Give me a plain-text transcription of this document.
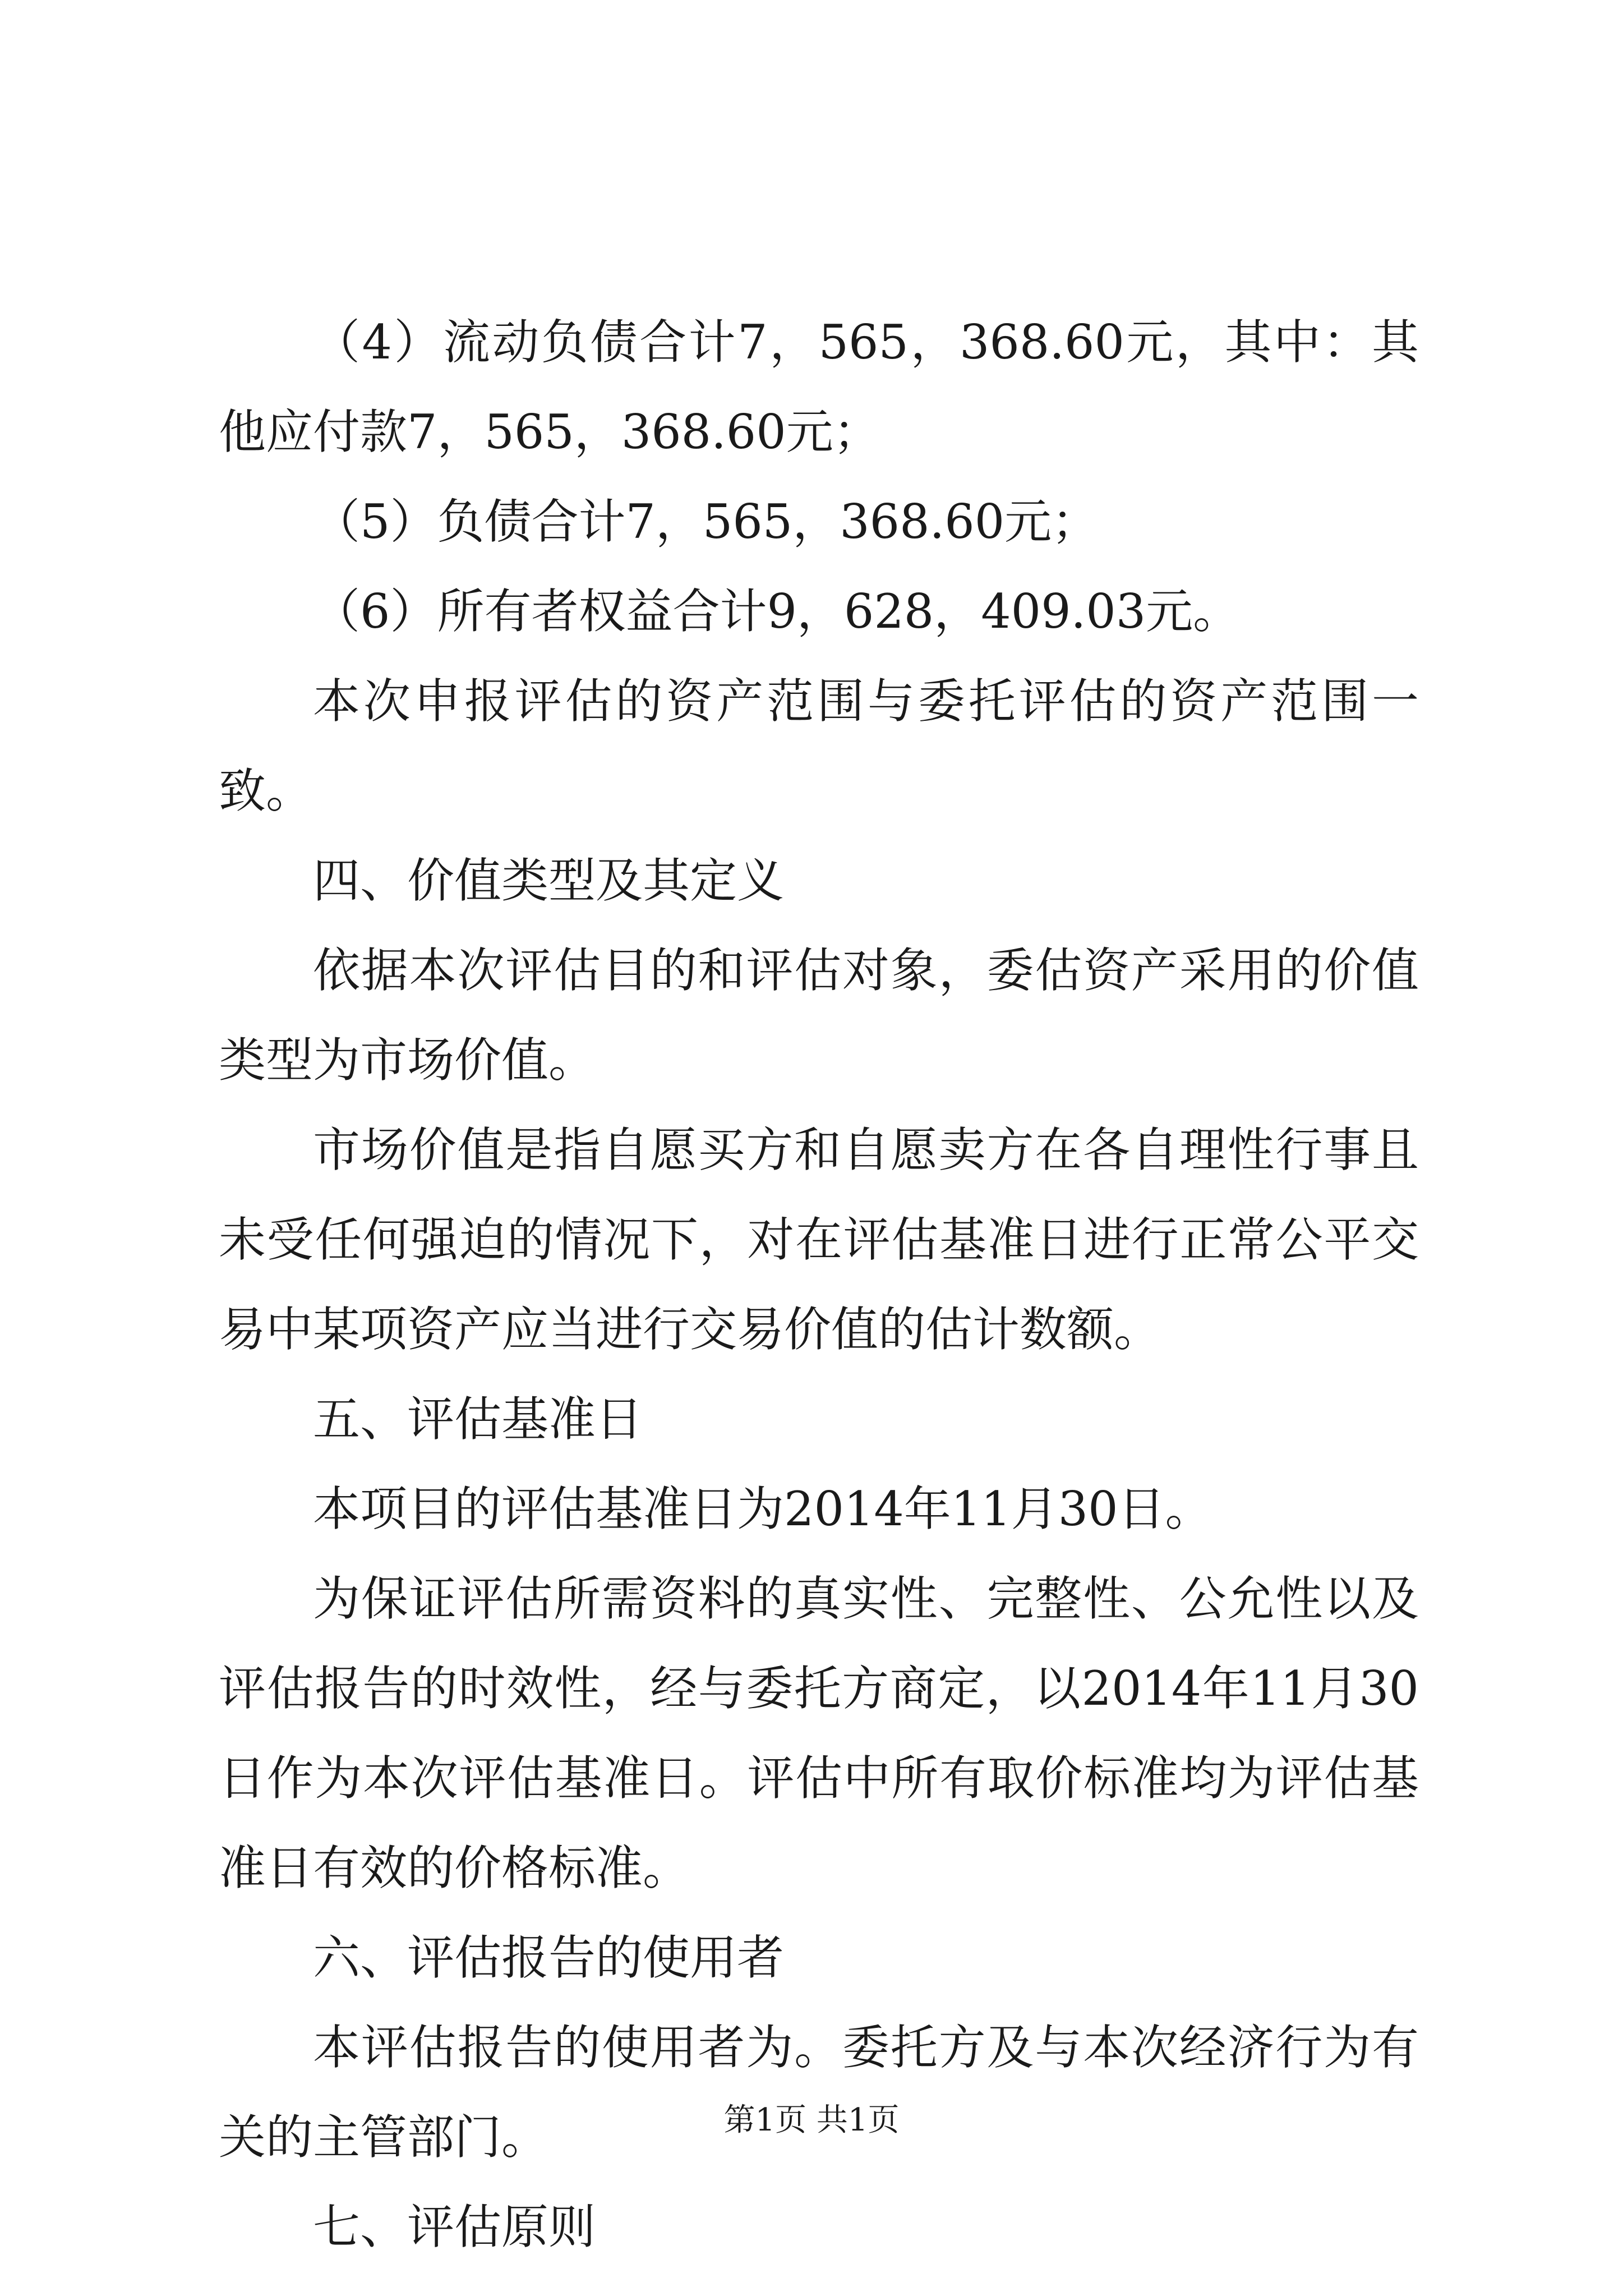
（4）流动负债合计7，565，368.60元，其中：其他应付款7，565，368.60元；

（5）负债合计7，565，368.60元；

（6）所有者权益合计9，628，409.03元。

本次申报评估的资产范围与委托评估的资产范围一致。

四、价值类型及其定义

依据本次评估目的和评估对象，委估资产采用的价值类型为市场价值。

市场价值是指自愿买方和自愿卖方在各自理性行事且未受任何强迫的情况下，对在评估基准日进行正常公平交易中某项资产应当进行交易价值的估计数额。

五、评估基准日

本项目的评估基准日为2014年11月30日。

为保证评估所需资料的真实性、完整性、公允性以及评估报告的时效性，经与委托方商定，以2014年11月30日作为本次评估基准日。评估中所有取价标准均为评估基准日有效的价格标准。

六、评估报告的使用者

本评估报告的使用者为。委托方及与本次经济行为有关的主管部门。

七、评估原则

第1页 共1页
